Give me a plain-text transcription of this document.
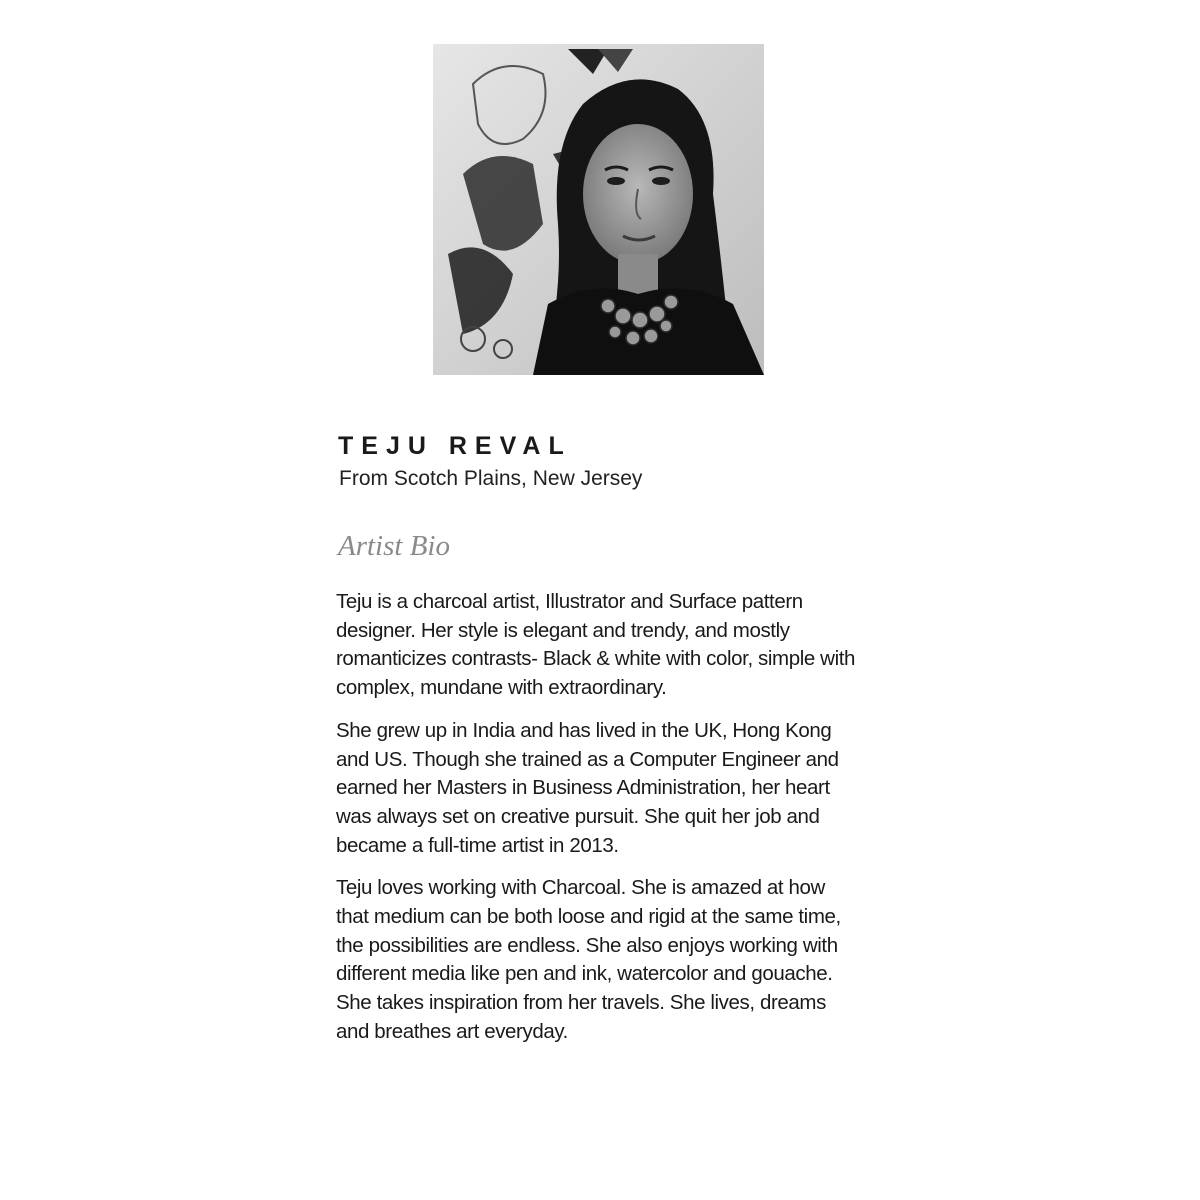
TEJU REVAL
From Scotch Plains, New Jersey
Artist Bio

Teju is a charcoal artist, Illustrator and Surface pattern designer. Her style is elegant and trendy, and mostly romanticizes contrasts- Black & white with color, simple with complex, mundane with extraordinary.

She grew up in India and has lived in the UK, Hong Kong and US. Though she trained as a Computer Engineer and earned her Masters in Business Administration, her heart was always set on creative pursuit. She quit her job and became a full-time artist in 2013.

Teju loves working with Charcoal. She is amazed at how that medium can be both loose and rigid at the same time, the possibilities are endless. She also enjoys working with different media like pen and ink, watercolor and gouache. She takes inspiration from her travels. She lives, dreams and breathes art everyday.
